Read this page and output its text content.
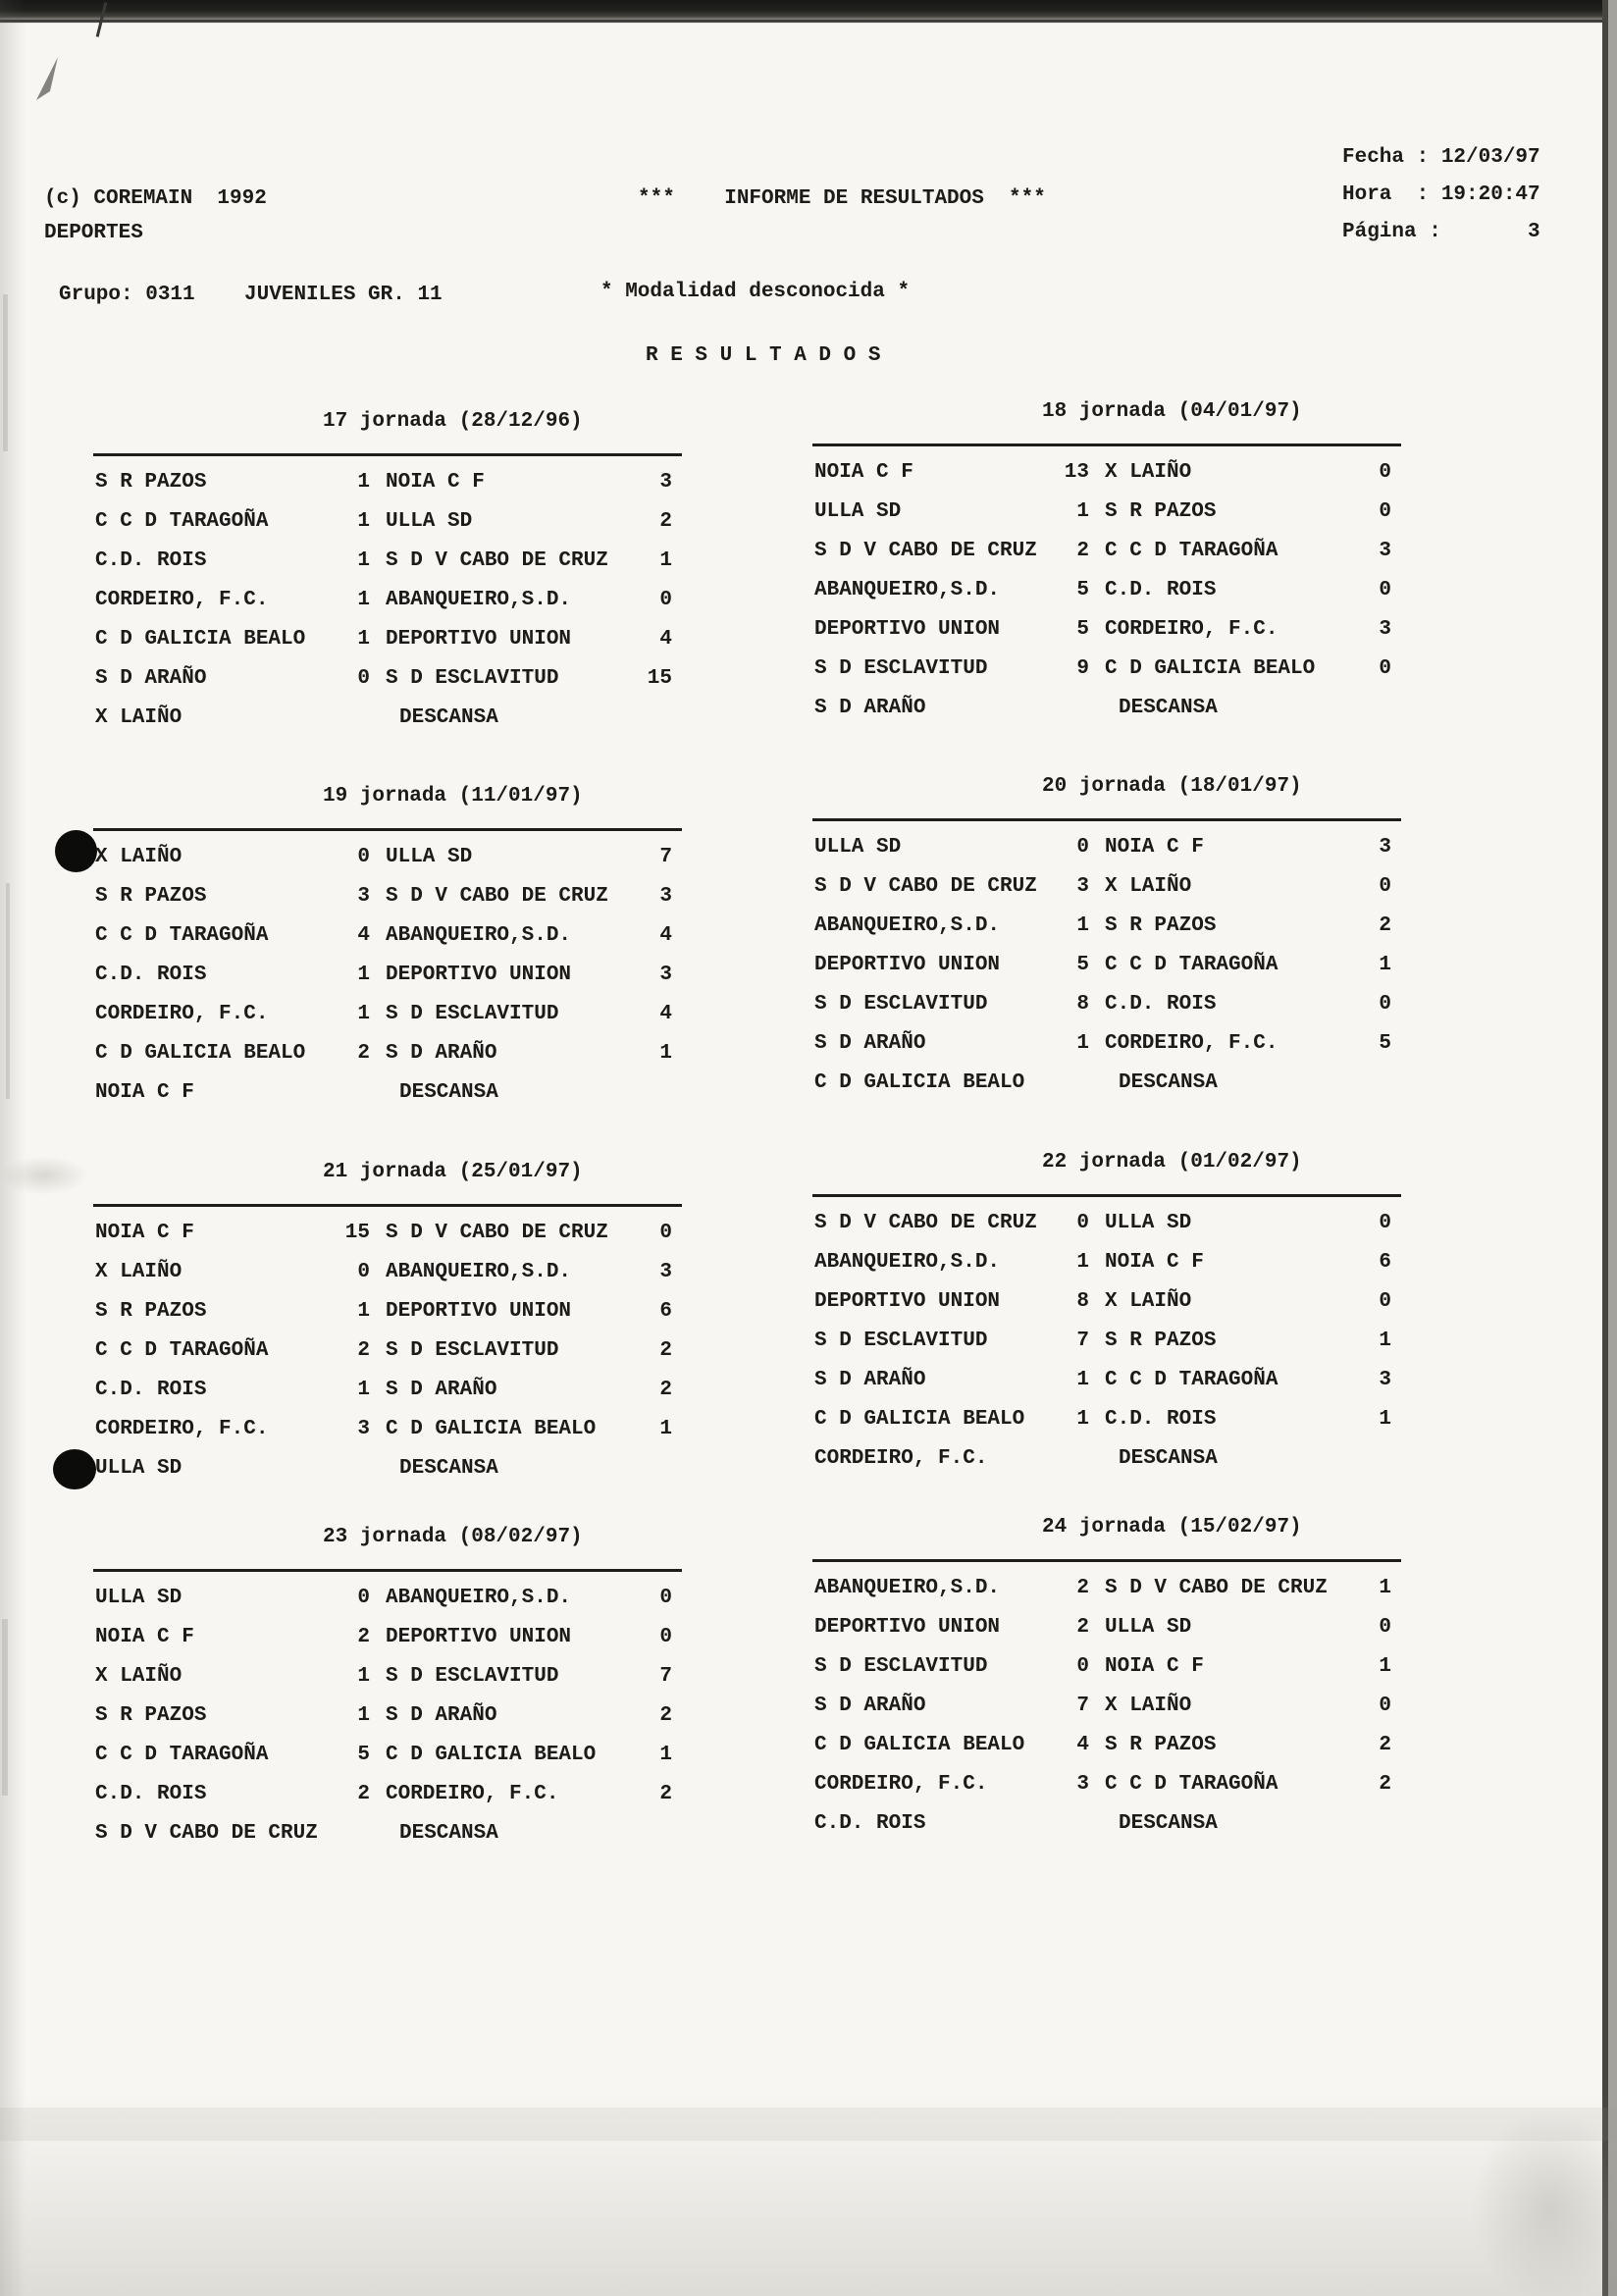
(c) COREMAIN  1992
DEPORTES
***    INFORME DE RESULTADOS  ***
Fecha : 12/03/97
Hora  : 19:20:47
Página :       3
Grupo: 0311    JUVENILES GR. 11	* Modalidad desconocida *
R E S U L T A D O S
17 jornada (28/12/96)
S R PAZOS	1 NOIA C F	3
C C D TARAGOÑA	1 ULLA SD	2
C.D. ROIS	1 S D V CABO DE CRUZ	1
CORDEIRO, F.C.	1 ABANQUEIRO,S.D.	0
C D GALICIA BEALO	1 DEPORTIVO UNION	4
S D ARAÑO	0 S D ESCLAVITUD	15
X LAIÑO	DESCANSA
18 jornada (04/01/97)
NOIA C F	13 X LAIÑO	0
ULLA SD	1 S R PAZOS	0
S D V CABO DE CRUZ	2 C C D TARAGOÑA	3
ABANQUEIRO,S.D.	5 C.D. ROIS	0
DEPORTIVO UNION	5 CORDEIRO, F.C.	3
S D ESCLAVITUD	9 C D GALICIA BEALO	0
S D ARAÑO	DESCANSA
19 jornada (11/01/97)
X LAIÑO	0 ULLA SD	7
S R PAZOS	3 S D V CABO DE CRUZ	3
C C D TARAGOÑA	4 ABANQUEIRO,S.D.	4
C.D. ROIS	1 DEPORTIVO UNION	3
CORDEIRO, F.C.	1 S D ESCLAVITUD	4
C D GALICIA BEALO	2 S D ARAÑO	1
NOIA C F	DESCANSA
20 jornada (18/01/97)
ULLA SD	0 NOIA C F	3
S D V CABO DE CRUZ	3 X LAIÑO	0
ABANQUEIRO,S.D.	1 S R PAZOS	2
DEPORTIVO UNION	5 C C D TARAGOÑA	1
S D ESCLAVITUD	8 C.D. ROIS	0
S D ARAÑO	1 CORDEIRO, F.C.	5
C D GALICIA BEALO	DESCANSA
21 jornada (25/01/97)
NOIA C F	15 S D V CABO DE CRUZ	0
X LAIÑO	0 ABANQUEIRO,S.D.	3
S R PAZOS	1 DEPORTIVO UNION	6
C C D TARAGOÑA	2 S D ESCLAVITUD	2
C.D. ROIS	1 S D ARAÑO	2
CORDEIRO, F.C.	3 C D GALICIA BEALO	1
ULLA SD	DESCANSA
22 jornada (01/02/97)
S D V CABO DE CRUZ	0 ULLA SD	0
ABANQUEIRO,S.D.	1 NOIA C F	6
DEPORTIVO UNION	8 X LAIÑO	0
S D ESCLAVITUD	7 S R PAZOS	1
S D ARAÑO	1 C C D TARAGOÑA	3
C D GALICIA BEALO	1 C.D. ROIS	1
CORDEIRO, F.C.	DESCANSA
23 jornada (08/02/97)
ULLA SD	0 ABANQUEIRO,S.D.	0
NOIA C F	2 DEPORTIVO UNION	0
X LAIÑO	1 S D ESCLAVITUD	7
S R PAZOS	1 S D ARAÑO	2
C C D TARAGOÑA	5 C D GALICIA BEALO	1
C.D. ROIS	2 CORDEIRO, F.C.	2
S D V CABO DE CRUZ	DESCANSA
24 jornada (15/02/97)
ABANQUEIRO,S.D.	2 S D V CABO DE CRUZ	1
DEPORTIVO UNION	2 ULLA SD	0
S D ESCLAVITUD	0 NOIA C F	1
S D ARAÑO	7 X LAIÑO	0
C D GALICIA BEALO	4 S R PAZOS	2
CORDEIRO, F.C.	3 C C D TARAGOÑA	2
C.D. ROIS	DESCANSA
